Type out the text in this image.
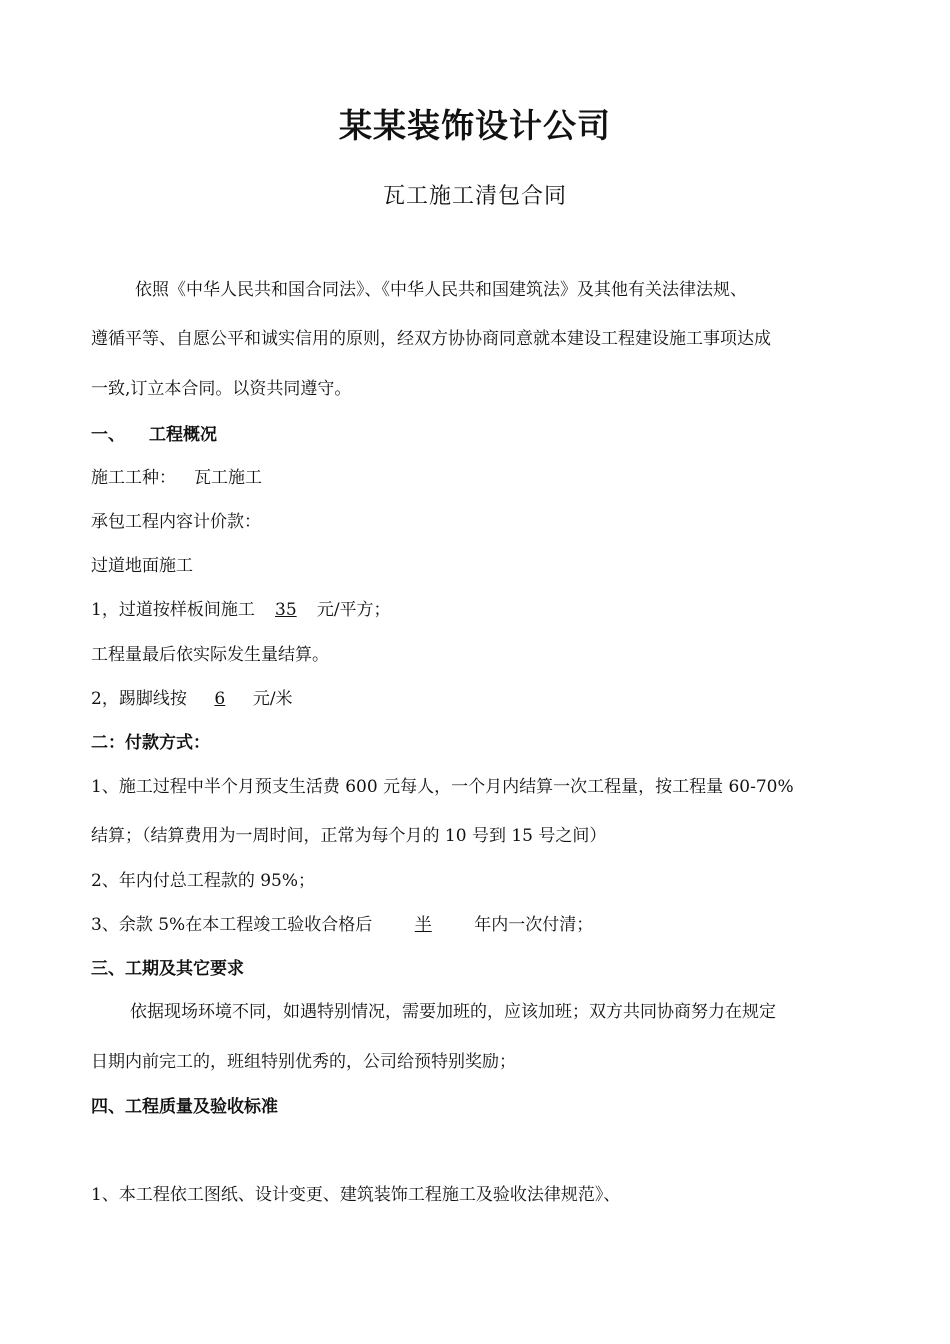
某某装饰设计公司
瓦工施工清包合同
依照《中华人民共和国合同法》、《中华人民共和国建筑法》及其他有关法律法规、
遵循平等、自愿公平和诚实信用的原则，经双方协协商同意就本建设工程建设施工事项达成
一致,订立本合同。以资共同遵守。
一、 工程概况
施工工种： 瓦工施工
承包工程内容计价款：
过道地面施工
1，过道按样板间施工 35 元/平方；
工程量最后依实际发生量结算。
2，踢脚线按 6 元/米
二：付款方式：
1、施工过程中半个月预支生活费 600 元每人，一个月内结算一次工程量，按工程量 60-70%
结算；（结算费用为一周时间，正常为每个月的 10 号到 15 号之间）
2、年内付总工程款的 95%；
3、余款 5%在本工程竣工验收合格后	半	年内一次付清；
三、工期及其它要求
依据现场环境不同，如遇特别情况，需要加班的，应该加班；双方共同协商努力在规定
日期内前完工的，班组特别优秀的，公司给预特别奖励；
四、工程质量及验收标准
1、本工程依工图纸、设计变更、建筑装饰工程施工及验收法律规范》、
